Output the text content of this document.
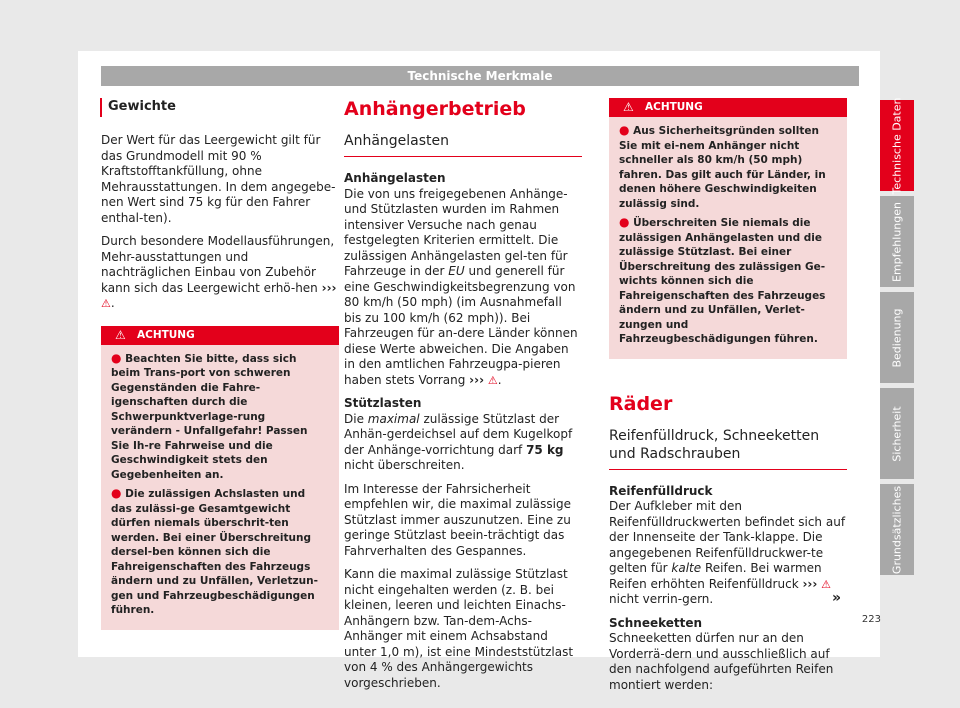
Technische Merkmale
Gewichte

Der Wert für das Leergewicht gilt für das Grundmodell mit 90 % Kraftstofftankfüllung, ohne Mehrausstattungen. In dem angegebe-nen Wert sind 75 kg für den Fahrer enthal-ten).

Durch besondere Modellausführungen, Mehr-ausstattungen und nachträglichen Einbau von Zubehör kann sich das Leergewicht erhö-hen ››› ⚠.

⚠ ACHTUNG
● Beachten Sie bitte, dass sich beim Trans-port von schweren Gegenständen die Fahre-igenschaften durch die Schwerpunktverlage-rung verändern - Unfallgefahr! Passen Sie Ih-re Fahrweise und die Geschwindigkeit stets den Gegebenheiten an.
● Die zulässigen Achslasten und das zulässi-ge Gesamtgewicht dürfen niemals überschrit-ten werden. Bei einer Überschreitung dersel-ben können sich die Fahreigenschaften des Fahrzeugs ändern und zu Unfällen, Verletzun-gen und Fahrzeugbeschädigungen führen.
Anhängerbetrieb
Anhängelasten

Anhängelasten

Die von uns freigegebenen Anhänge- und Stützlasten wurden im Rahmen intensiver Versuche nach genau festgelegten Kriterien ermittelt. Die zulässigen Anhängelasten gel-ten für Fahrzeuge in der EU und generell für eine Geschwindigkeitsbegrenzung von 80 km/h (50 mph) (im Ausnahmefall bis zu 100 km/h (62 mph)). Bei Fahrzeugen für an-dere Länder können diese Werte abweichen. Die Angaben in den amtlichen Fahrzeugpa-pieren haben stets Vorrang ››› ⚠.

Stützlasten

Die maximal zulässige Stützlast der Anhän-gerdeichsel auf dem Kugelkopf der Anhänge-vorrichtung darf 75 kg nicht überschreiten.

Im Interesse der Fahrsicherheit empfehlen wir, die maximal zulässige Stützlast immer auszunutzen. Eine zu geringe Stützlast beein-trächtigt das Fahrverhalten des Gespannes.

Kann die maximal zulässige Stützlast nicht eingehalten werden (z. B. bei kleinen, leeren und leichten Einachs-Anhängern bzw. Tan-dem-Achs-Anhänger mit einem Achsabstand unter 1,0 m), ist eine Mindeststützlast von 4 % des Anhängergewichts vorgeschrieben.

⚠ ACHTUNG
● Aus Sicherheitsgründen sollten Sie mit ei-nem Anhänger nicht schneller als 80 km/h (50 mph) fahren. Das gilt auch für Länder, in denen höhere Geschwindigkeiten zulässig sind.
● Überschreiten Sie niemals die zulässigen Anhängelasten und die zulässige Stützlast. Bei einer Überschreitung des zulässigen Ge-wichts können sich die Fahreigenschaften des Fahrzeuges ändern und zu Unfällen, Verlet-zungen und Fahrzeugbeschädigungen führen.
Räder
Reifenfülldruck, Schneeketten und Radschrauben

Reifenfülldruck

Der Aufkleber mit den Reifenfülldruckwerten befindet sich auf der Innenseite der Tank-klappe. Die angegebenen Reifenfülldruckwer-te gelten für kalte Reifen. Bei warmen Reifen erhöhten Reifenfülldruck ››› ⚠ nicht verrin-gern.

Schneeketten

Schneeketten dürfen nur an den Vorderrä-dern und ausschließlich auf den nachfolgend aufgeführten Reifen montiert werden:

»
Technische Daten
Empfehlungen
Bedienung
Sicherheit
Grundsätzliches
223
